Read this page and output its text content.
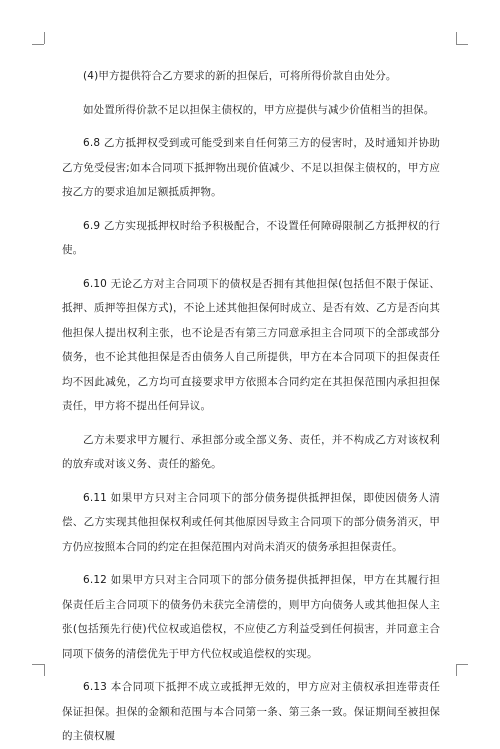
(4)甲方提供符合乙方要求的新的担保后，可将所得价款自由处分。

如处置所得价款不足以担保主债权的，甲方应提供与减少价值相当的担保。

6.8 乙方抵押权受到或可能受到来自任何第三方的侵害时，及时通知并协助乙方免受侵害;如本合同项下抵押物出现价值减少、不足以担保主债权的，甲方应按乙方的要求追加足额抵质押物。

6.9 乙方实现抵押权时给予积极配合，不设置任何障碍限制乙方抵押权的行使。

6.10 无论乙方对主合同项下的债权是否拥有其他担保(包括但不限于保证、抵押、质押等担保方式)，不论上述其他担保何时成立、是否有效、乙方是否向其他担保人提出权利主张，也不论是否有第三方同意承担主合同项下的全部或部分债务，也不论其他担保是否由债务人自己所提供，甲方在本合同项下的担保责任均不因此减免，乙方均可直接要求甲方依照本合同约定在其担保范围内承担担保责任，甲方将不提出任何异议。

乙方未要求甲方履行、承担部分或全部义务、责任，并不构成乙方对该权利的放弃或对该义务、责任的豁免。

6.11 如果甲方只对主合同项下的部分债务提供抵押担保，即使因债务人清偿、乙方实现其他担保权利或任何其他原因导致主合同项下的部分债务消灭，甲方仍应按照本合同的约定在担保范围内对尚未消灭的债务承担担保责任。

6.12 如果甲方只对主合同项下的部分债务提供抵押担保，甲方在其履行担保责任后主合同项下的债务仍未获完全清偿的，则甲方向债务人或其他担保人主张(包括预先行使)代位权或追偿权，不应使乙方利益受到任何损害，并同意主合同项下债务的清偿优先于甲方代位权或追偿权的实现。

6.13 本合同项下抵押不成立或抵押无效的，甲方应对主债权承担连带责任保证担保。担保的金额和范围与本合同第一条、第三条一致。保证期间至被担保的主债权履
